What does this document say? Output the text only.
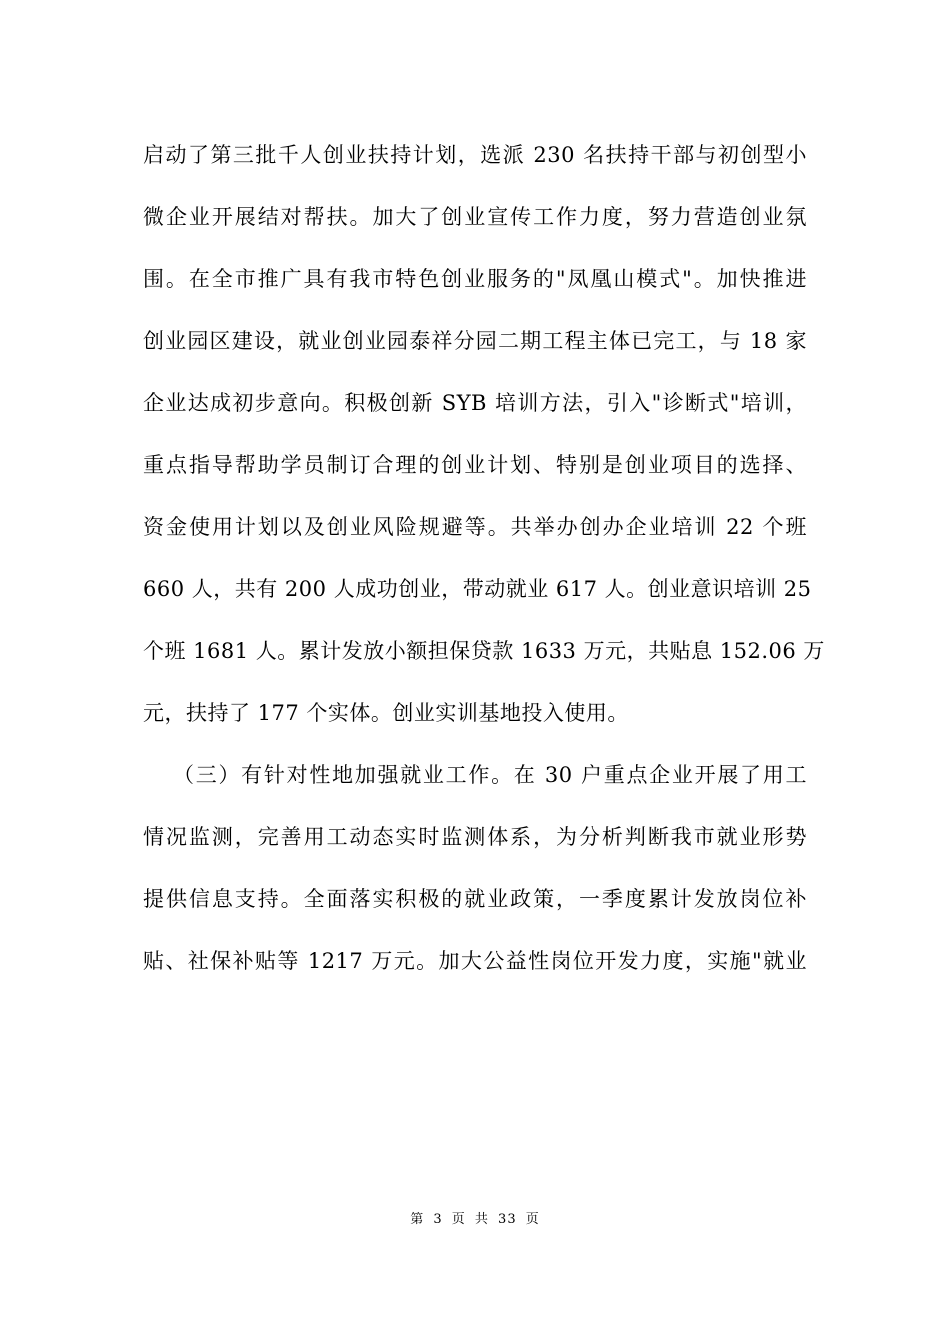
启动了第三批千人创业扶持计划，选派 230 名扶持干部与初创型小
微企业开展结对帮扶。加大了创业宣传工作力度，努力营造创业氛
围。在全市推广具有我市特色创业服务的"凤凰山模式"。加快推进
创业园区建设，就业创业园泰祥分园二期工程主体已完工，与 18 家
企业达成初步意向。积极创新 SYB 培训方法，引入"诊断式"培训，
重点指导帮助学员制订合理的创业计划、特别是创业项目的选择、
资金使用计划以及创业风险规避等。共举办创办企业培训 22 个班
660 人，共有 200 人成功创业，带动就业 617 人。创业意识培训 25
个班 1681 人。累计发放小额担保贷款 1633 万元，共贴息 152.06 万
元，扶持了 177 个实体。创业实训基地投入使用。
（三）有针对性地加强就业工作。在 30 户重点企业开展了用工
情况监测，完善用工动态实时监测体系，为分析判断我市就业形势
提供信息支持。全面落实积极的就业政策，一季度累计发放岗位补
贴、社保补贴等 1217 万元。加大公益性岗位开发力度，实施"就业
第 3 页 共 33 页
